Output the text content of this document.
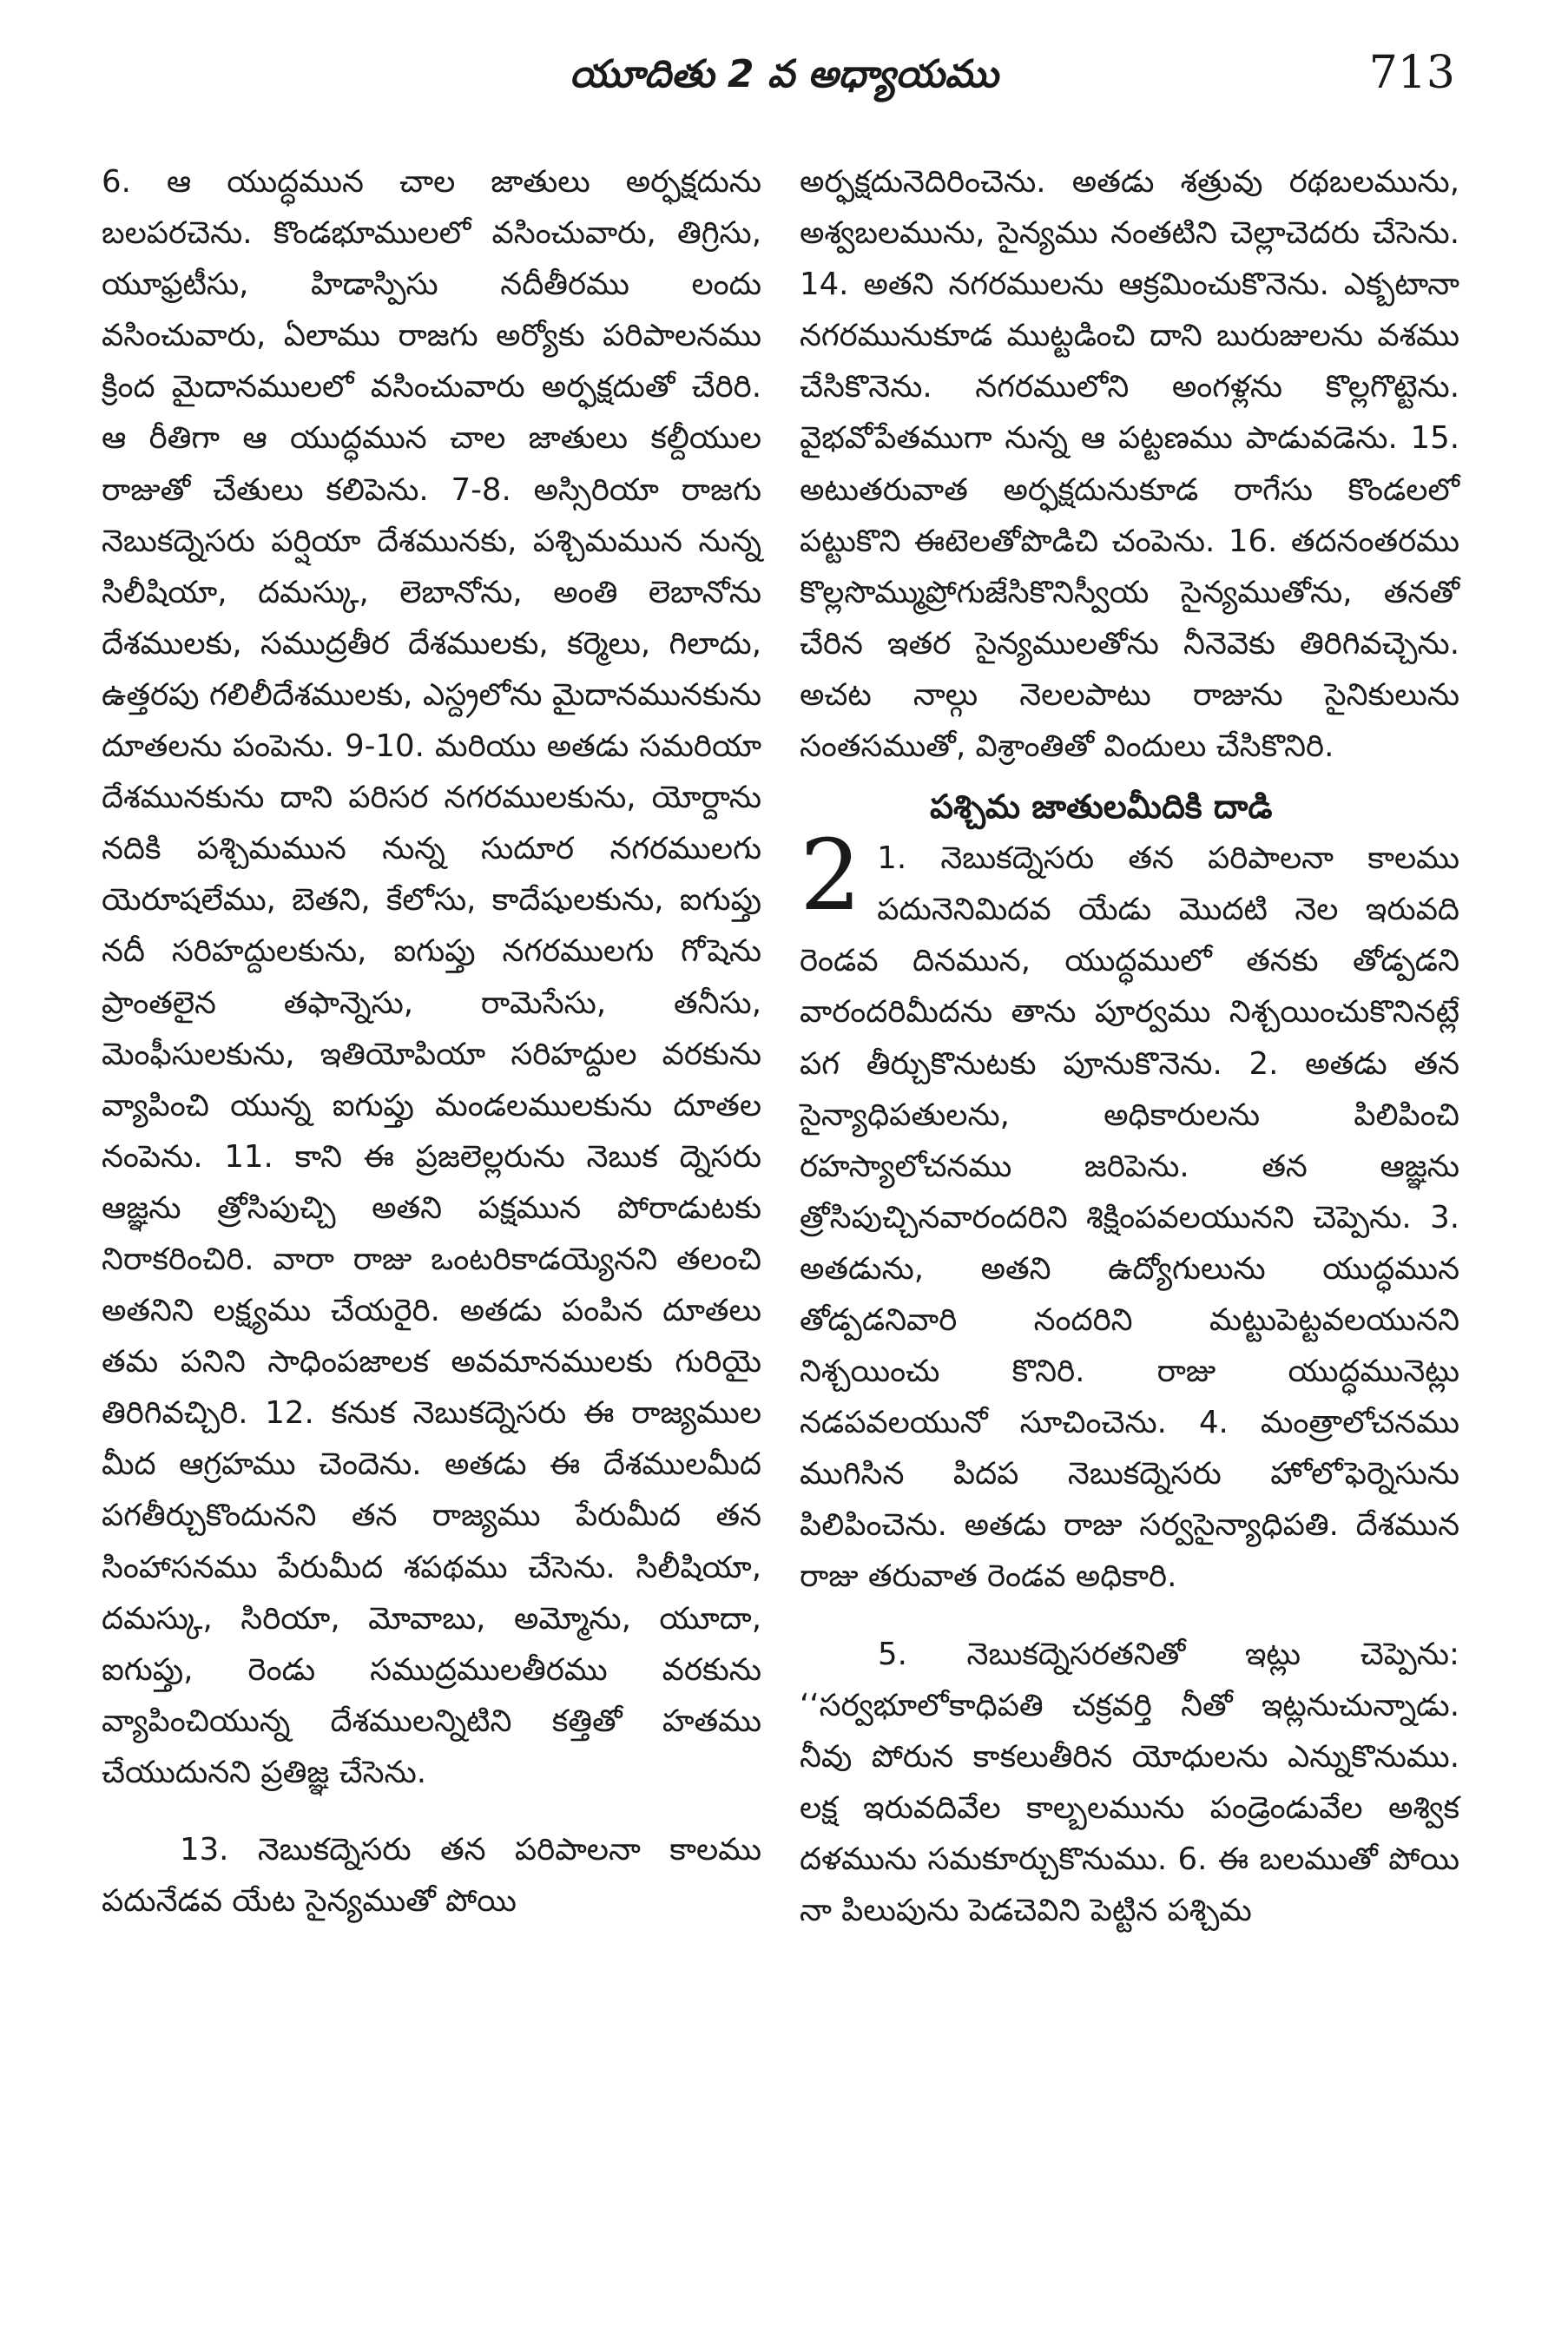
యూదితు 2 వ అధ్యాయము	713

6. ఆ యుద్ధమున చాల జాతులు అర్ఫక్షదును బలపరచెను. కొండభూములలో వసించువారు, తిగ్రిసు, యూఫ్రటీసు, హిడాస్పిసు నదీతీరము లందు వసించువారు, ఏలాము రాజగు అర్యోకు పరిపాలనము క్రింద మైదానములలో వసించువారు అర్ఫక్షదుతో చేరిరి. ఆ రీతిగా ఆ యుద్ధమున చాల జాతులు కల్దీయుల రాజుతో చేతులు కలిపెను. 7-8. అస్సిరియా రాజగు నెబుకద్నెసరు పర్షియా దేశమునకు, పశ్చిమమున నున్న సిలీషియా, దమస్కు, లెబానోను, అంతి లెబానోను దేశములకు, సముద్రతీర దేశములకు, కర్మెలు, గిలాదు, ఉత్తరపు గలిలీదేశములకు, ఎస్ద్రలోను మైదానమునకును దూతలను పంపెను. 9-10. మరియు అతడు సమరియా దేశమునకును దాని పరిసర నగరములకును, యోర్దాను నదికి పశ్చిమమున నున్న సుదూర నగరములగు యెరూషలేము, బెతని, కేలోసు, కాదేషులకును, ఐగుప్తు నదీ సరిహద్దులకును, ఐగుప్తు నగరములగు గోషెను ప్రాంతలైన తఫాన్నెసు, రామెసేసు, తనీసు, మెంఫీసులకును, ఇతియోపియా సరిహద్దుల వరకును వ్యాపించి యున్న ఐగుప్తు మండలములకును దూతల నంపెను. 11. కాని ఈ ప్రజలెల్లరును నెబుక ద్నెసరు ఆజ్ఞను త్రోసిపుచ్చి అతని పక్షమున పోరాడుటకు నిరాకరించిరి. వారా రాజు ఒంటరికాడయ్యెనని తలంచి అతనిని లక్ష్యము చేయరైరి. అతడు పంపిన దూతలు తమ పనిని సాధింపజాలక అవమానములకు గురియై తిరిగివచ్చిరి. 12. కనుక నెబుకద్నెసరు ఈ రాజ్యముల మీద ఆగ్రహము చెందెను. అతడు ఈ దేశములమీద పగతీర్చుకొందునని తన రాజ్యము పేరుమీద తన సింహాసనము పేరుమీద శపథము చేసెను. సిలీషియా, దమస్కు, సిరియా, మోవాబు, అమ్మోను, యూదా, ఐగుప్తు, రెండు సముద్రములతీరము వరకును వ్యాపించియున్న దేశములన్నిటిని కత్తితో హతము చేయుదునని ప్రతిజ్ఞ చేసెను.

13. నెబుకద్నెసరు తన పరిపాలనా కాలము పదునేడవ యేట సైన్యముతో పోయి

అర్ఫక్షదునెదిరించెను. అతడు శత్రువు రథబలమును, అశ్వబలమును, సైన్యము నంతటిని చెల్లాచెదరు చేసెను. 14. అతని నగరములను ఆక్రమించుకొనెను. ఎక్బటానా నగరమునుకూడ ముట్టడించి దాని బురుజులను వశము చేసికొనెను. నగరములోని అంగళ్లను కొల్లగొట్టెను. వైభవోపేతముగా నున్న ఆ పట్టణము పాడువడెను. 15. అటుతరువాత అర్ఫక్షదునుకూడ రాగేసు కొండలలో పట్టుకొని ఈటెలతోపొడిచి చంపెను. 16. తదనంతరము కొల్లసొమ్ముప్రోగుజేసికొనిస్వీయ సైన్యముతోను, తనతో చేరిన ఇతర సైన్యములతోను నీనెవెకు తిరిగివచ్చెను. అచట నాల్గు నెలలపాటు రాజును సైనికులును సంతసముతో, విశ్రాంతితో విందులు చేసికొనిరి.

పశ్చిమ జాతులమీదికి దాడి

21. నెబుకద్నెసరు తన పరిపాలనా కాలము పదునెనిమిదవ యేడు మొదటి నెల ఇరువది రెండవ దినమున, యుద్ధములో తనకు తోడ్పడని వారందరిమీదను తాను పూర్వము నిశ్చయించుకొనినట్లే పగ తీర్చుకొనుటకు పూనుకొనెను. 2. అతడు తన సైన్యాధిపతులను, అధికారులను పిలిపించి రహస్యాలోచనము జరిపెను. తన ఆజ్ఞను త్రోసిపుచ్చినవారందరిని శిక్షింపవలయునని చెప్పెను. 3. అతడును, అతని ఉద్యోగులును యుద్ధమున తోడ్పడనివారి నందరిని మట్టుపెట్టవలయునని నిశ్చయించు కొనిరి. రాజు యుద్ధమునెట్లు నడపవలయునో సూచించెను. 4. మంత్రాలోచనము ముగిసిన పిదప నెబుకద్నెసరు హోలోఫెర్నెసును పిలిపించెను. అతడు రాజు సర్వసైన్యాధిపతి. దేశమున రాజు తరువాత రెండవ అధికారి.

5. నెబుకద్నెసరతనితో ఇట్లు చెప్పెను: ‘‘సర్వభూలోకాధిపతి చక్రవర్తి నీతో ఇట్లనుచున్నాడు. నీవు పోరున కాకలుతీరిన యోధులను ఎన్నుకొనుము. లక్ష ఇరువదివేల కాల్బలమును పండ్రెండువేల అశ్విక దళమును సమకూర్చుకొనుము. 6. ఈ బలముతో పోయి నా పిలుపును పెడచెవిని పెట్టిన పశ్చిమ
